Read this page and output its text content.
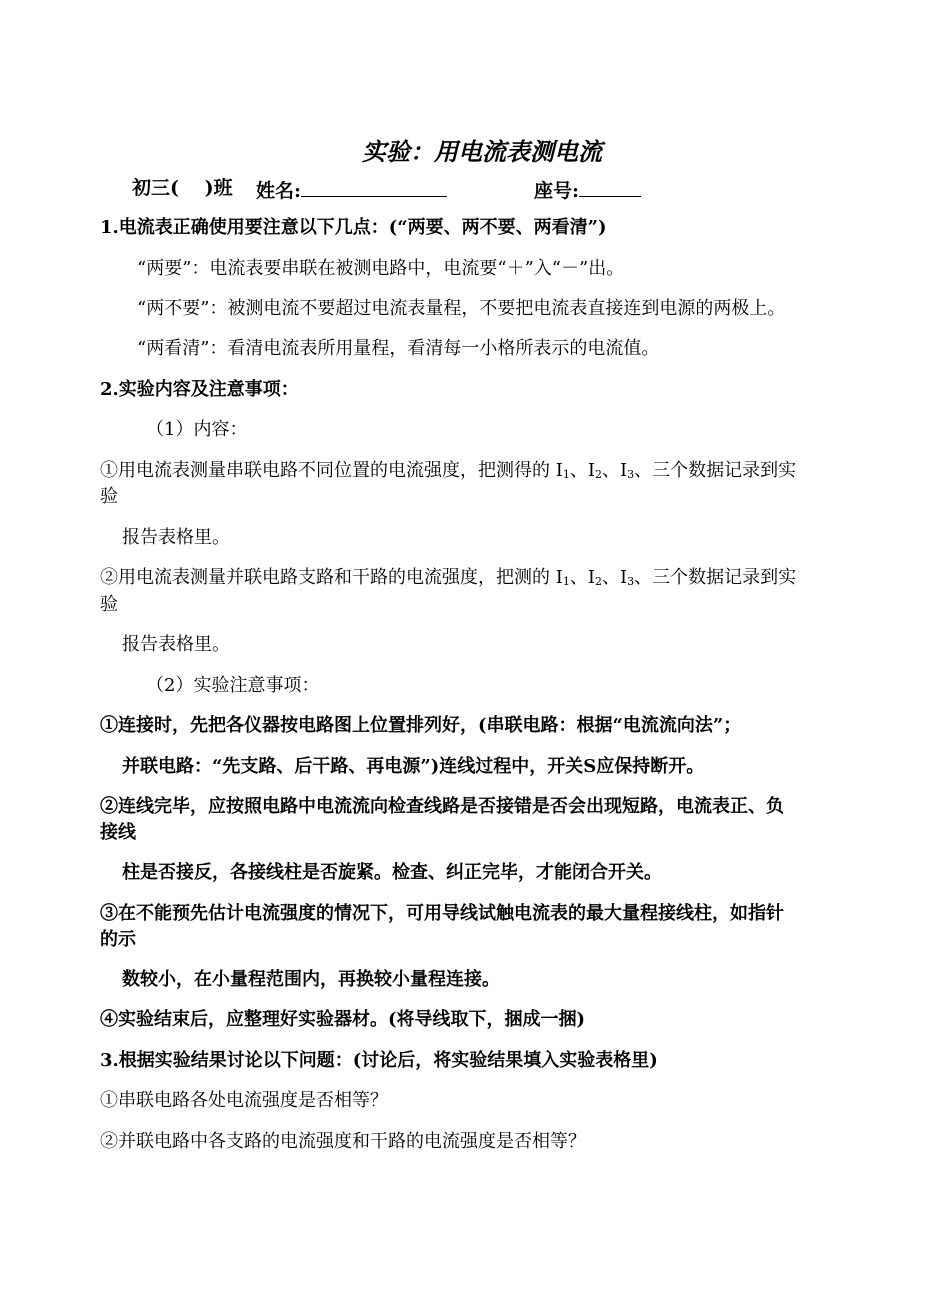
实验：用电流表测电流
初三(　 )班 姓名:	座号:
1.电流表正确使用要注意以下几点：(“两要、两不要、两看清”)
“两要”：电流表要串联在被测电路中，电流要“＋”入“－”出。
“两不要”：被测电流不要超过电流表量程，不要把电流表直接连到电源的两极上。
“两看清”：看清电流表所用量程，看清每一小格所表示的电流值。
2.实验内容及注意事项：
（1）内容：
①用电流表测量串联电路不同位置的电流强度，把测得的 $I_1$、$I_2$、$I_3$、三个数据记录到实
验
报告表格里。
②用电流表测量并联电路支路和干路的电流强度，把测的 $I_1$、$I_2$、$I_3$、三个数据记录到实
验
报告表格里。
（2）实验注意事项：
①连接时，先把各仪器按电路图上位置排列好，(串联电路：根据“电流流向法”；
并联电路：“先支路、后干路、再电源”)连线过程中，开关S应保持断开。
②连线完毕，应按照电路中电流流向检查线路是否接错是否会出现短路，电流表正、负
接线
柱是否接反，各接线柱是否旋紧。检查、纠正完毕，才能闭合开关。
③在不能预先估计电流强度的情况下，可用导线试触电流表的最大量程接线柱，如指针
的示
数较小，在小量程范围内，再换较小量程连接。
④实验结束后，应整理好实验器材。(将导线取下，捆成一捆)
3.根据实验结果讨论以下问题：(讨论后，将实验结果填入实验表格里)
①串联电路各处电流强度是否相等？
②并联电路中各支路的电流强度和干路的电流强度是否相等？
